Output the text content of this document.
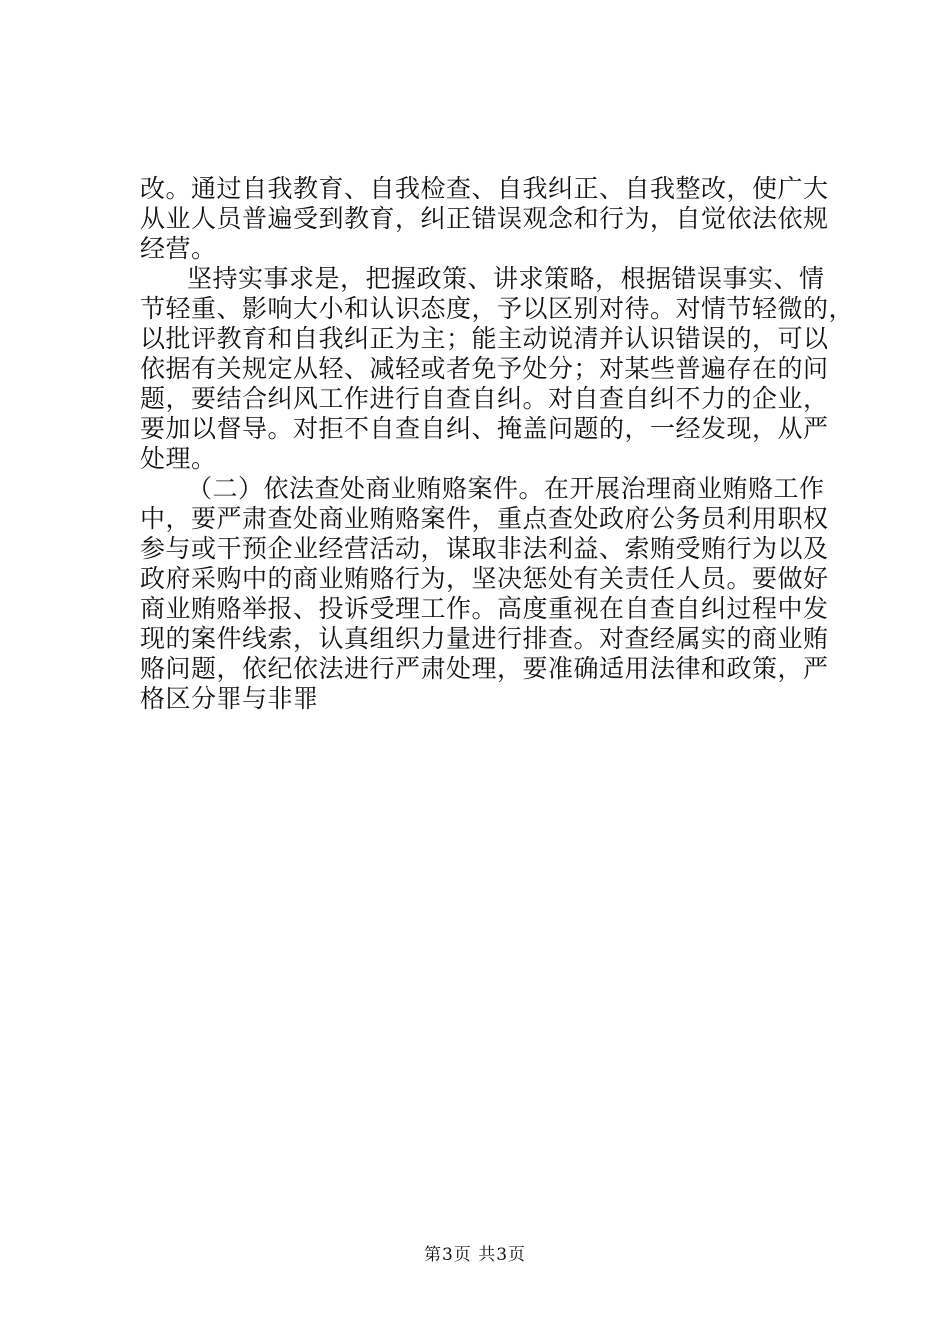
改。通过自我教育、自我检查、自我纠正、自我整改，使广大
从业人员普遍受到教育，纠正错误观念和行为，自觉依法依规
经营。
坚持实事求是，把握政策、讲求策略，根据错误事实、情
节轻重、影响大小和认识态度，予以区别对待。对情节轻微的，
以批评教育和自我纠正为主；能主动说清并认识错误的，可以
依据有关规定从轻、减轻或者免予处分；对某些普遍存在的问
题，要结合纠风工作进行自查自纠。对自查自纠不力的企业，
要加以督导。对拒不自查自纠、掩盖问题的，一经发现，从严
处理。
（二）依法查处商业贿赂案件。在开展治理商业贿赂工作
中，要严肃查处商业贿赂案件，重点查处政府公务员利用职权
参与或干预企业经营活动，谋取非法利益、索贿受贿行为以及
政府采购中的商业贿赂行为，坚决惩处有关责任人员。要做好
商业贿赂举报、投诉受理工作。高度重视在自查自纠过程中发
现的案件线索，认真组织力量进行排查。对查经属实的商业贿
赂问题，依纪依法进行严肃处理，要准确适用法律和政策，严
格区分罪与非罪
第3页 共3页
